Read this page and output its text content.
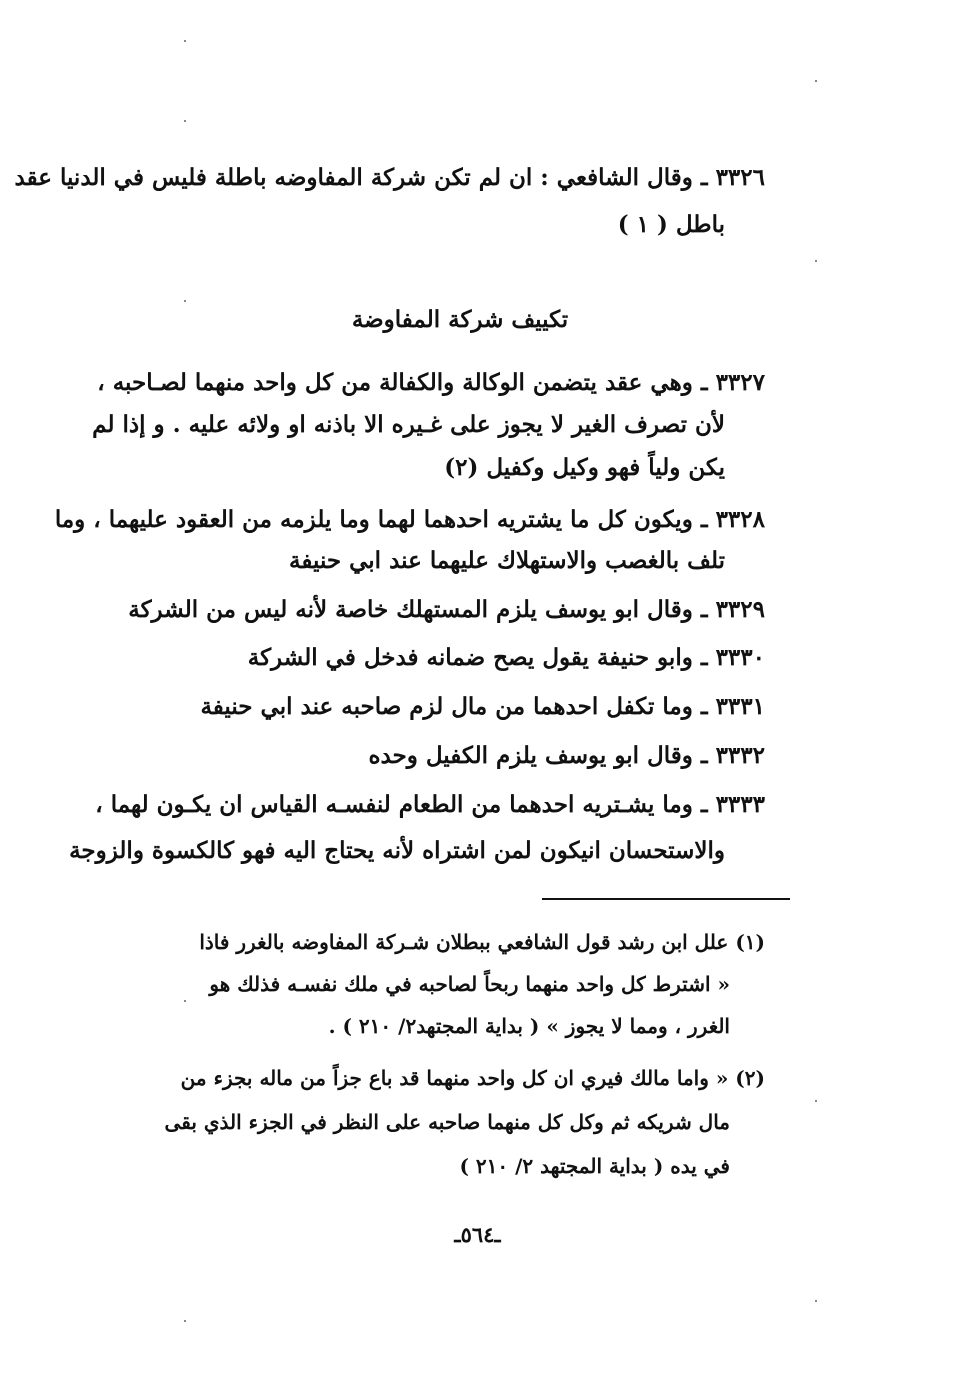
٣٣٢٦ ـ وقال الشافعي : ان لم تكن شركة المفاوضه باطلة فليس في الدنيا عقد
باطل ( ١ )
تكييف شركة المفاوضة
٣٣٢٧ ـ وهي عقد يتضمن الوكالة والكفالة من كل واحد منهما لصـاحبه ،
لأن تصرف الغير لا يجوز على غـيره الا باذنه او ولائه عليه . و إذا لم
يكن ولياً فهو وكيل وكفيل (٢)
٣٣٢٨ ـ ويكون كل ما يشتريه احدهما لهما وما يلزمه من العقود عليهما ، وما
تلف بالغصب والاستهلاك عليهما عند ابي حنيفة
٣٣٢٩ ـ وقال ابو يوسف يلزم المستهلك خاصة لأنه ليس من الشركة
٣٣٣٠ ـ وابو حنيفة يقول يصح ضمانه فدخل في الشركة
٣٣٣١ ـ وما تكفل احدهما من مال لزم صاحبه عند ابي حنيفة
٣٣٣٢ ـ وقال ابو يوسف يلزم الكفيل وحده
٣٣٣٣ ـ وما يشـتريه احدهما من الطعام لنفسـه القياس ان يكـون لهما ،
والاستحسان انيكون لمن اشتراه لأنه يحتاج اليه فهو كالكسوة والزوجة
(١) علل ابن رشد قول الشافعي ببطلان شـركة المفاوضه بالغرر فاذا
« اشترط كل واحد منهما ربحاً لصاحبه في ملك نفسـه فذلك هو
الغرر ، ومما لا يجوز » ( بداية المجتهد٢/ ٢١٠ ) .
(٢) « واما مالك فيري ان كل واحد منهما قد باع جزاً من ماله بجزء من
مال شريكه ثم وكل كل منهما صاحبه على النظر في الجزء الذي بقى
في يده ( بداية المجتهد ٢/ ٢١٠ )
ـ٥٦٤ـ
